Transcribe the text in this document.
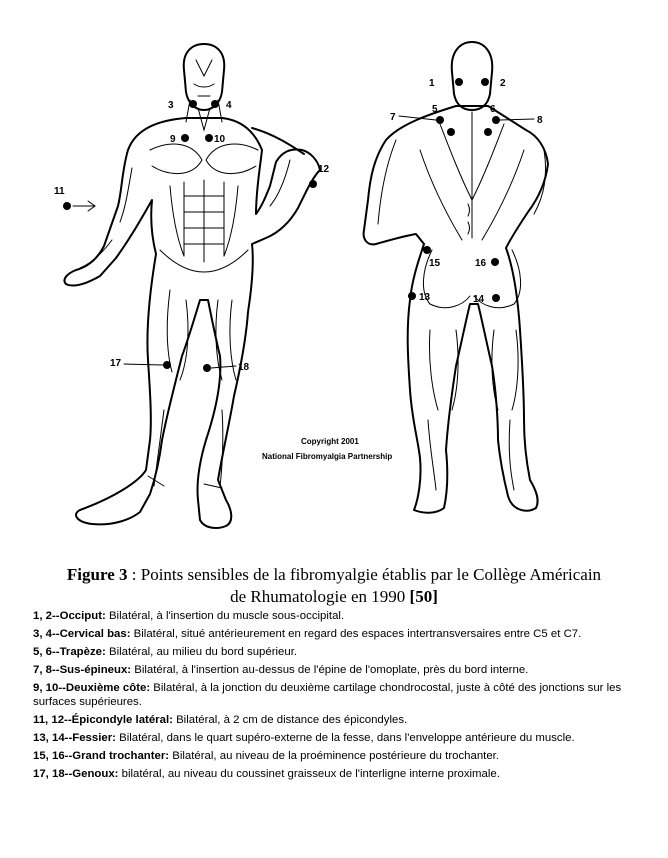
1	2
3	4	5	6
7	8
9	10
11
12
13	14
15	16
17	18
Copyright 2001
National Fibromyalgia Partnership
Figure 3 : Points sensibles de la fibromyalgie établis par le Collège Américain
de Rhumatologie en 1990 [50]
1, 2--Occiput: Bilatéral, à l'insertion du muscle sous-occipital.
3, 4--Cervical bas: Bilatéral, situé antérieurement en regard des espaces intertransversaires entre C5 et C7.
5, 6--Trapèze: Bilatéral, au milieu du bord supérieur.
7, 8--Sus-épineux: Bilatéral, à l'insertion au-dessus de l'épine de l'omoplate, près du bord interne.
9, 10--Deuxième côte: Bilatéral, à la jonction du deuxième cartilage chondrocostal, juste à côté des jonctions sur les surfaces supérieures.
11, 12--Épicondyle latéral: Bilatéral, à 2 cm de distance des épicondyles.
13, 14--Fessier: Bilatéral, dans le quart supéro-externe de la fesse, dans l'enveloppe antérieure du muscle.
15, 16--Grand trochanter: Bilatéral, au niveau de la proéminence postérieure du trochanter.
17, 18--Genoux: bilatéral, au niveau du coussinet graisseux de l'interligne interne proximale.
